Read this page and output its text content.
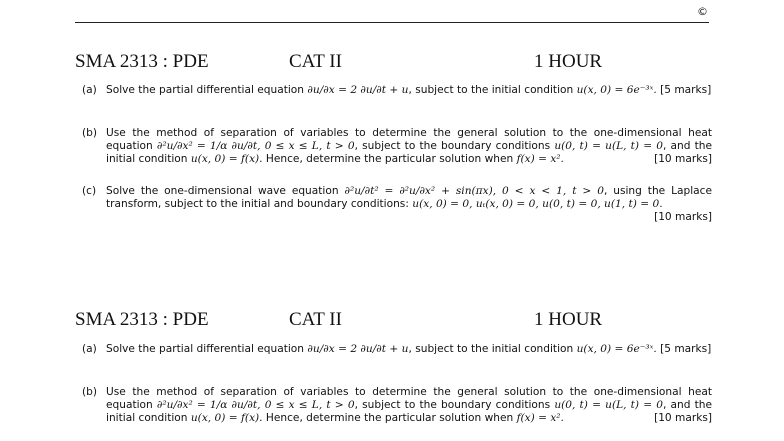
©
SMA 2313 : PDE	CAT II	1 HOUR
(a) Solve the partial differential equation ∂u/∂x = 2 ∂u/∂t + u, subject to the initial condition u(x, 0) = 6e⁻³ˣ. [5 marks]
(b) Use the method of separation of variables to determine the general solution to the one-dimensional heat equation ∂²u/∂x² = 1/α ∂u/∂t, 0 ≤ x ≤ L, t > 0, subject to the boundary conditions u(0, t) = u(L, t) = 0, and the initial condition u(x, 0) = f(x). Hence, determine the particular solution when f(x) = x².	[10 marks]
(c) Solve the one-dimensional wave equation ∂²u/∂t² = ∂²u/∂x² + sin(πx), 0 < x < 1, t > 0, using the Laplace transform, subject to the initial and boundary conditions: u(x, 0) = 0, uₜ(x, 0) = 0, u(0, t) = 0, u(1, t) = 0.
[10 marks]
SMA 2313 : PDE	CAT II	1 HOUR
(a) Solve the partial differential equation ∂u/∂x = 2 ∂u/∂t + u, subject to the initial condition u(x, 0) = 6e⁻³ˣ. [5 marks]
(b) Use the method of separation of variables to determine the general solution to the one-dimensional heat equation ∂²u/∂x² = 1/α ∂u/∂t, 0 ≤ x ≤ L, t > 0, subject to the boundary conditions u(0, t) = u(L, t) = 0, and the initial condition u(x, 0) = f(x). Hence, determine the particular solution when f(x) = x².	[10 marks]
